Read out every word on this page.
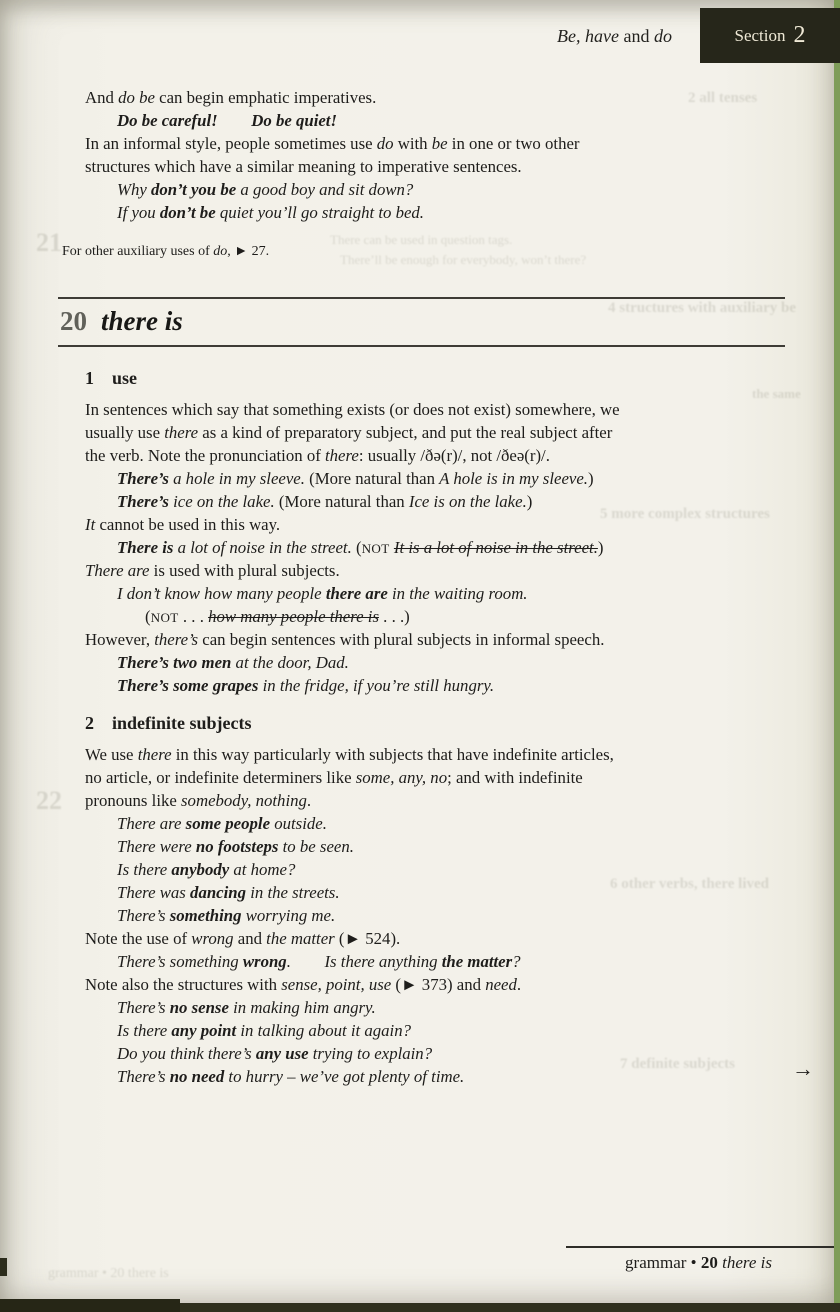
2 all tenses
There can be used in question tags.
There’ll be enough for everybody, won’t there?
21
4 structures with auxiliary be
the same
5 more complex structures
22
6 other verbs, there lived
7 definite subjects
grammar • 20 there is
Be, have and do	Section 2
And do be can begin emphatic imperatives.
Do be careful!   Do be quiet!
In an informal style, people sometimes use do with be in one or two other
structures which have a similar meaning to imperative sentences.
Why don’t you be a good boy and sit down?
If you don’t be quiet you’ll go straight to bed.
For other auxiliary uses of do, ► 27.
20 there is
1 use
In sentences which say that something exists (or does not exist) somewhere, we
usually use there as a kind of preparatory subject, and put the real subject after
the verb. Note the pronunciation of there: usually /ðə(r)/, not /ðeə(r)/.
There’s a hole in my sleeve. (More natural than A hole is in my sleeve.)
There’s ice on the lake. (More natural than Ice is on the lake.)
It cannot be used in this way.
There is a lot of noise in the street. (NOT It is a lot of noise in the street.)
There are is used with plural subjects.
I don’t know how many people there are in the waiting room.
(NOT . . . how many people there is . . .)
However, there’s can begin sentences with plural subjects in informal speech.
There’s two men at the door, Dad.
There’s some grapes in the fridge, if you’re still hungry.
2 indefinite subjects
We use there in this way particularly with subjects that have indefinite articles,
no article, or indefinite determiners like some, any, no; and with indefinite
pronouns like somebody, nothing.
There are some people outside.
There were no footsteps to be seen.
Is there anybody at home?
There was dancing in the streets.
There’s something worrying me.
Note the use of wrong and the matter (► 524).
There’s something wrong.   Is there anything the matter?
Note also the structures with sense, point, use (► 373) and need.
There’s no sense in making him angry.
Is there any point in talking about it again?
Do you think there’s any use trying to explain?
There’s no need to hurry – we’ve got plenty of time.	→
grammar • 20 there is
